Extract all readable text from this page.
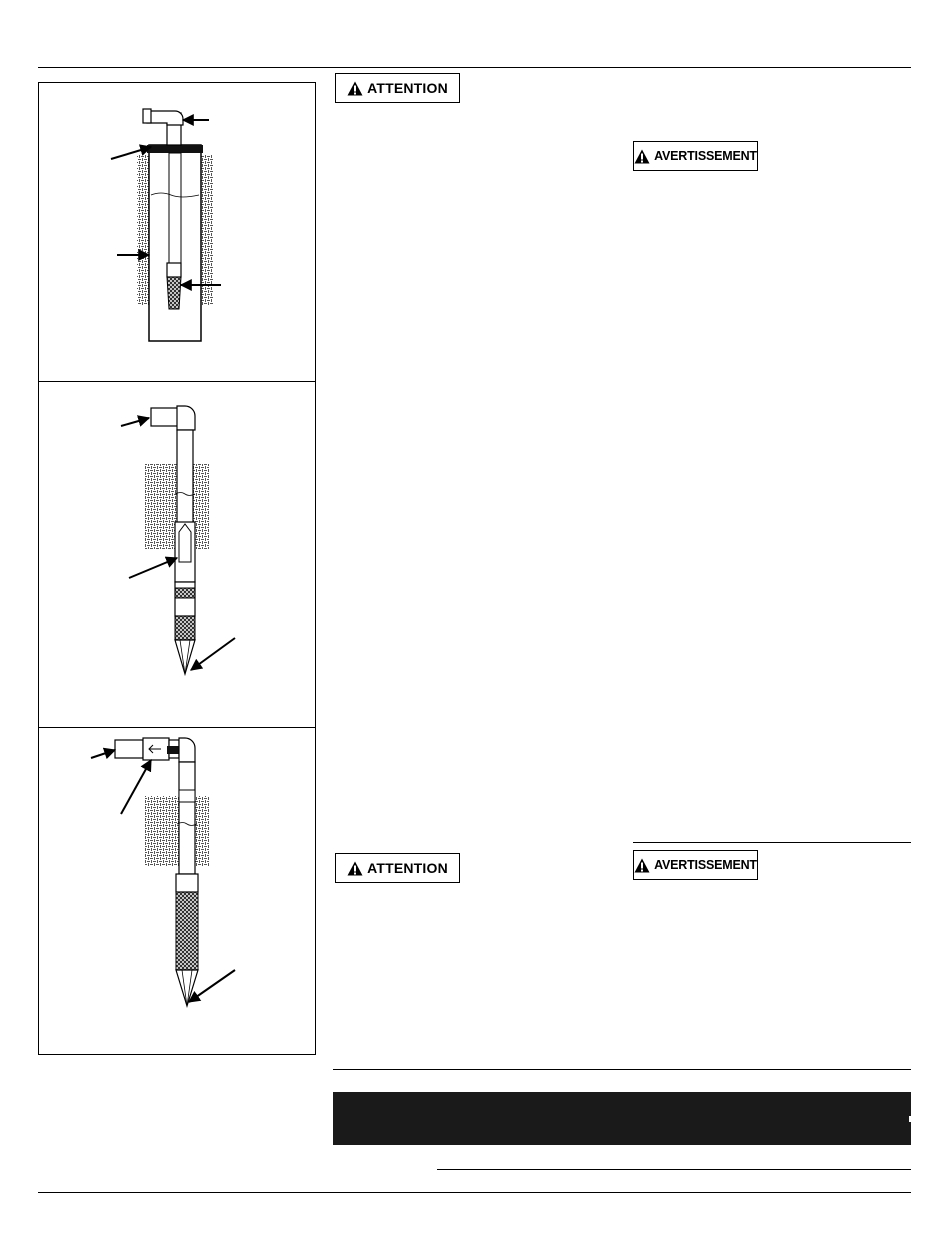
ATTENTION
AVERTISSEMENT
ATTENTION	AVERTISSEMENT
